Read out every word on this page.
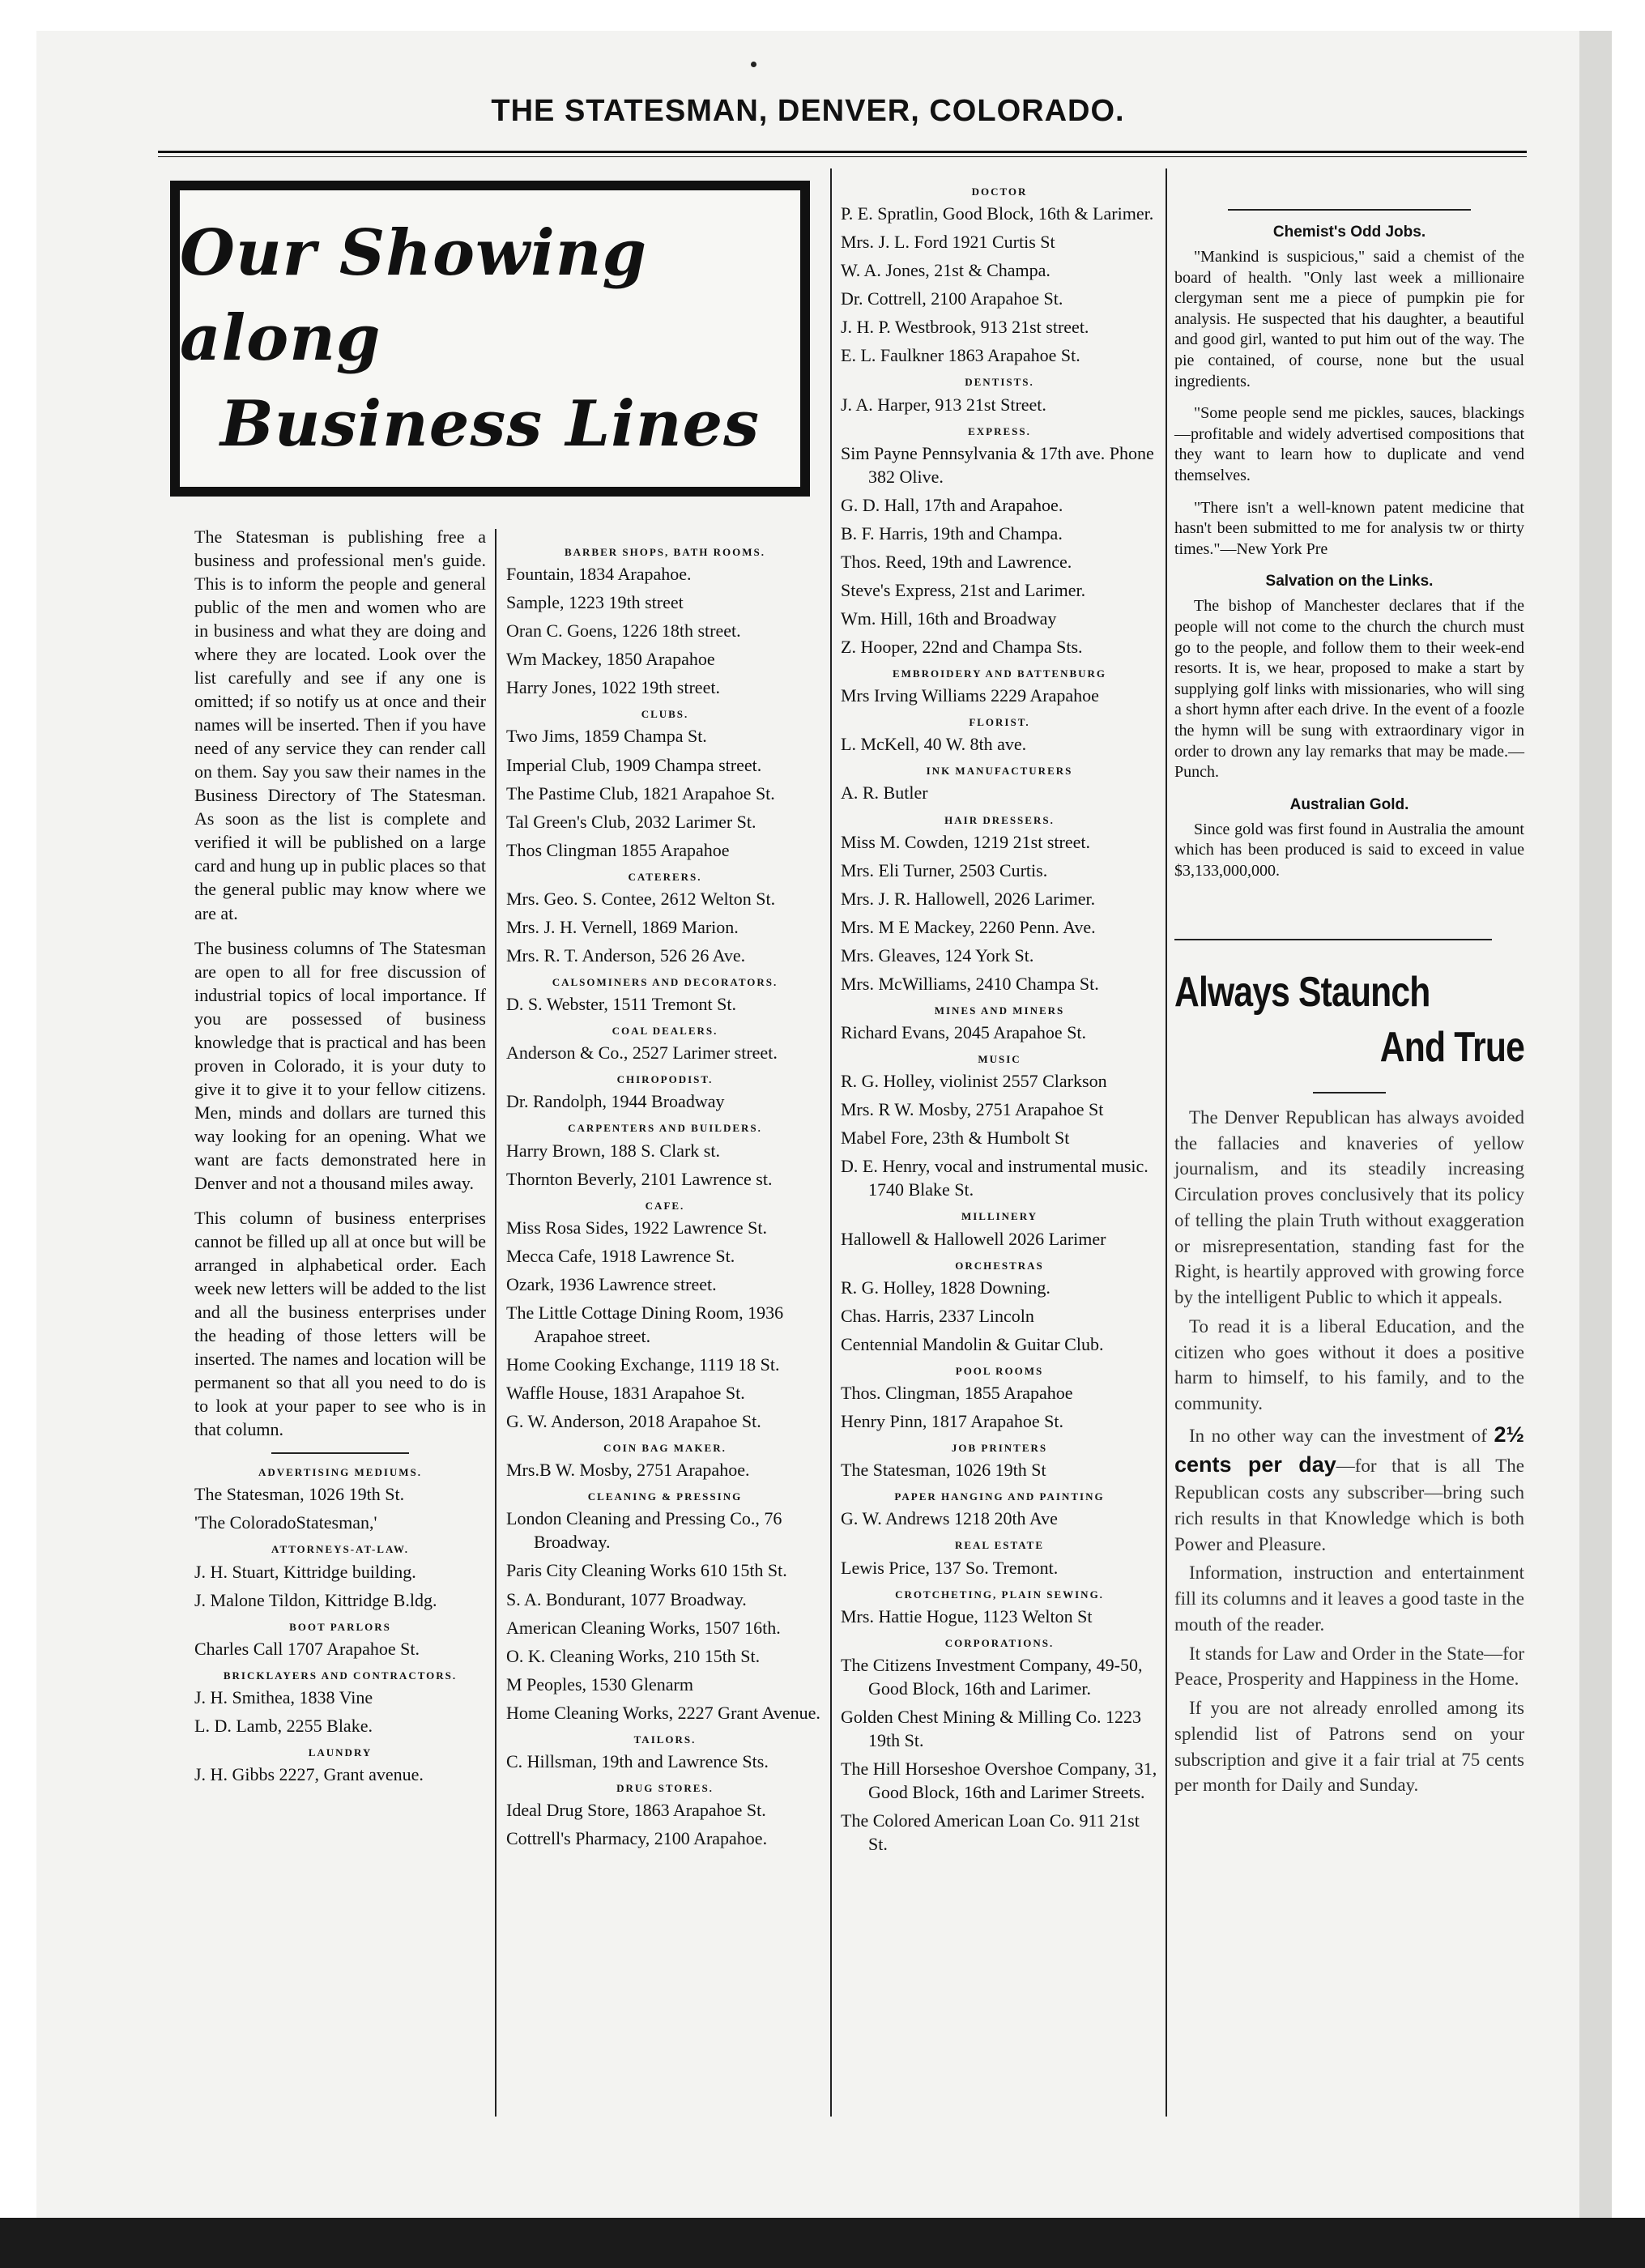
THE STATESMAN, DENVER, COLORADO.
Our Showing along
Business Lines

The Statesman is publishing free a business and professional men's guide. This is to inform the people and general public of the men and women who are in business and what they are doing and where they are located. Look over the list carefully and see if any one is omitted; if so notify us at once and their names will be inserted. Then if you have need of any service they can render call on them. Say you saw their names in the Business Directory of The Statesman. As soon as the list is complete and verified it will be published on a large card and hung up in public places so that the general public may know where we are at.

The business columns of The Statesman are open to all for free discussion of industrial topics of local importance. If you are possessed of business knowledge that is practical and has been proven in Colorado, it is your duty to give it to give it to your fellow citizens. Men, minds and dollars are turned this way looking for an opening. What we want are facts demonstrated here in Denver and not a thousand miles away.

This column of business enterprises cannot be filled up all at once but will be arranged in alphabetical order. Each week new letters will be added to the list and all the business enterprises under the heading of those letters will be inserted. The names and location will be permanent so that all you need to do is to look at your paper to see who is in that column.

ADVERTISING MEDIUMS.
The Statesman, 1026 19th St.
'The ColoradoStatesman,'
ATTORNEYS-AT-LAW.
J. H. Stuart, Kittridge building.
J. Malone Tildon, Kittridge B.ldg.
BOOT PARLORS
Charles Call 1707 Arapahoe St.
BRICKLAYERS AND CONTRACTORS.
J. H. Smithea, 1838 Vine
L. D. Lamb, 2255 Blake.
LAUNDRY
J. H. Gibbs 2227, Grant avenue.
BARBER SHOPS, BATH ROOMS.
Fountain, 1834 Arapahoe.
Sample, 1223 19th street
Oran C. Goens, 1226 18th street.
Wm Mackey, 1850 Arapahoe
Harry Jones, 1022 19th street.
CLUBS.
Two Jims, 1859 Champa St.
Imperial Club, 1909 Champa street.
The Pastime Club, 1821 Arapahoe St.
Tal Green's Club, 2032 Larimer St.
Thos Clingman 1855 Arapahoe
CATERERS.
Mrs. Geo. S. Contee, 2612 Welton St.
Mrs. J. H. Vernell, 1869 Marion.
Mrs. R. T. Anderson, 526 26 Ave.
CALSOMINERS AND DECORATORS.
D. S. Webster, 1511 Tremont St.
COAL DEALERS.
Anderson & Co., 2527 Larimer street.
CHIROPODIST.
Dr. Randolph, 1944 Broadway
CARPENTERS AND BUILDERS.
Harry Brown, 188 S. Clark st.
Thornton Beverly, 2101 Lawrence st.
CAFE.
Miss Rosa Sides, 1922 Lawrence St.
Mecca Cafe, 1918 Lawrence St.
Ozark, 1936 Lawrence street.
The Little Cottage Dining Room, 1936 Arapahoe street.
Home Cooking Exchange, 1119 18 St.
Waffle House, 1831 Arapahoe St.
G. W. Anderson, 2018 Arapahoe St.
COIN BAG MAKER.
Mrs.B W. Mosby, 2751 Arapahoe.
CLEANING & PRESSING
London Cleaning and Pressing Co., 76 Broadway.
Paris City Cleaning Works 610 15th St.
S. A. Bondurant, 1077 Broadway.
American Cleaning Works, 1507 16th.
O. K. Cleaning Works, 210 15th St.
M Peoples, 1530 Glenarm
Home Cleaning Works, 2227 Grant Avenue.
TAILORS.
C. Hillsman, 19th and Lawrence Sts.
DRUG STORES.
Ideal Drug Store, 1863 Arapahoe St.
Cottrell's Pharmacy, 2100 Arapahoe.
DOCTOR
P. E. Spratlin, Good Block, 16th & Larimer.
Mrs. J. L. Ford 1921 Curtis St
W. A. Jones, 21st & Champa.
Dr. Cottrell, 2100 Arapahoe St.
J. H. P. Westbrook, 913 21st street.
E. L. Faulkner 1863 Arapahoe St.
DENTISTS.
J. A. Harper, 913 21st Street.
EXPRESS.
Sim Payne Pennsylvania & 17th ave. Phone 382 Olive.
G. D. Hall, 17th and Arapahoe.
B. F. Harris, 19th and Champa.
Thos. Reed, 19th and Lawrence.
Steve's Express, 21st and Larimer.
Wm. Hill, 16th and Broadway
Z. Hooper, 22nd and Champa Sts.
EMBROIDERY AND BATTENBURG
Mrs Irving Williams 2229 Arapahoe
FLORIST.
L. McKell, 40 W. 8th ave.
INK MANUFACTURERS
A. R. Butler
HAIR DRESSERS.
Miss M. Cowden, 1219 21st street.
Mrs. Eli Turner, 2503 Curtis.
Mrs. J. R. Hallowell, 2026 Larimer.
Mrs. M E Mackey, 2260 Penn. Ave.
Mrs. Gleaves, 124 York St.
Mrs. McWilliams, 2410 Champa St.
MINES AND MINERS
Richard Evans, 2045 Arapahoe St.
MUSIC
R. G. Holley, violinist 2557 Clarkson
Mrs. R W. Mosby, 2751 Arapahoe St
Mabel Fore, 23th & Humbolt St
D. E. Henry, vocal and instrumental music. 1740 Blake St.
MILLINERY
Hallowell & Hallowell 2026 Larimer
ORCHESTRAS
R. G. Holley, 1828 Downing.
Chas. Harris, 2337 Lincoln
Centennial Mandolin & Guitar Club.
POOL ROOMS
Thos. Clingman, 1855 Arapahoe
Henry Pinn, 1817 Arapahoe St.
JOB PRINTERS
The Statesman, 1026 19th St
PAPER HANGING AND PAINTING
G. W. Andrews 1218 20th Ave
REAL ESTATE
Lewis Price, 137 So. Tremont.
CROTCHETING, PLAIN SEWING.
Mrs. Hattie Hogue, 1123 Welton St
CORPORATIONS.
The Citizens Investment Company, 49-50, Good Block, 16th and Larimer.
Golden Chest Mining & Milling Co. 1223 19th St.
The Hill Horseshoe Overshoe Company, 31, Good Block, 16th and Larimer Streets.
The Colored American Loan Co. 911 21st St.
Chemist's Odd Jobs.

"Mankind is suspicious," said a chemist of the board of health. "Only last week a millionaire clergyman sent me a piece of pumpkin pie for analysis. He suspected that his daughter, a beautiful and good girl, wanted to put him out of the way. The pie contained, of course, none but the usual ingredients.

"Some people send me pickles, sauces, blackings—profitable and widely advertised compositions that they want to learn how to duplicate and vend themselves.

"There isn't a well-known patent medicine that hasn't been submitted to me for analysis tw or thirty times."—New York Pre

Salvation on the Links.

The bishop of Manchester declares that if the people will not come to the church the church must go to the people, and follow them to their week-end resorts. It is, we hear, proposed to make a start by supplying golf links with missionaries, who will sing a short hymn after each drive. In the event of a foozle the hymn will be sung with extraordinary vigor in order to drown any lay remarks that may be made.—Punch.

Australian Gold.

Since gold was first found in Australia the amount which has been produced is said to exceed in value $3,133,000,000.

Always Staunch
And True

The Denver Republican has always avoided the fallacies and knaveries of yellow journalism, and its steadily increasing Circulation proves conclusively that its policy of telling the plain Truth without exaggeration or misrepresentation, standing fast for the Right, is heartily approved with growing force by the intelligent Public to which it appeals.

To read it is a liberal Education, and the citizen who goes without it does a positive harm to himself, to his family, and to the community.

In no other way can the investment of 2½ cents per day—for that is all The Republican costs any subscriber—bring such rich results in that Knowledge which is both Power and Pleasure.

Information, instruction and entertainment fill its columns and it leaves a good taste in the mouth of the reader.

It stands for Law and Order in the State—for Peace, Prosperity and Happiness in the Home.

If you are not already enrolled among its splendid list of Patrons send on your subscription and give it a fair trial at 75 cents per month for Daily and Sunday.
